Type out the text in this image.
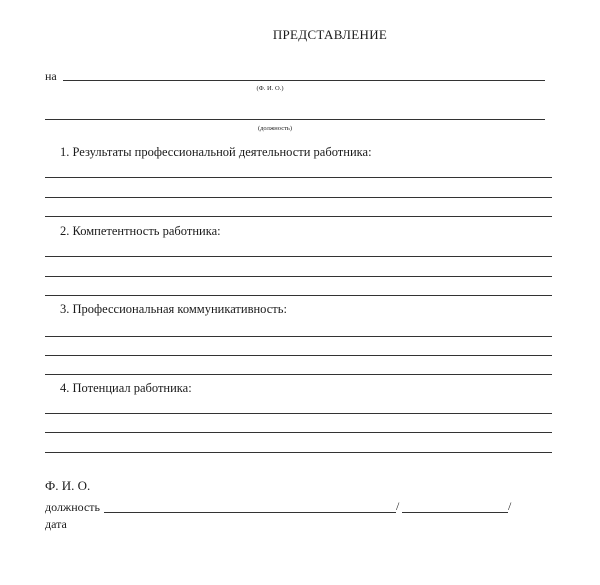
ПРЕДСТАВЛЕНИЕ
на
(Ф. И. О.)
(должность)
1. Результаты профессиональной деятельности работника:
2. Компетентность работника:
3. Профессиональная коммуникативность:
4. Потенциал работника:
Ф. И. О.
должность	/	/
дата
